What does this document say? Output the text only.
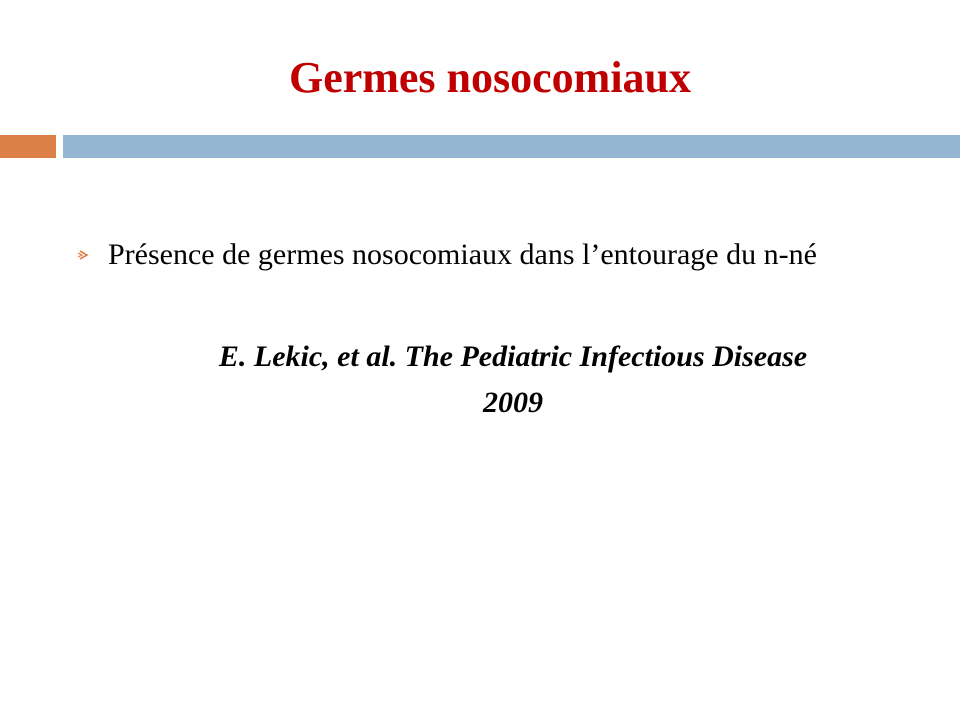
Germes nosocomiaux
Présence de germes nosocomiaux dans l’entourage du n-né
E. Lekic, et al. The Pediatric Infectious Disease
2009
